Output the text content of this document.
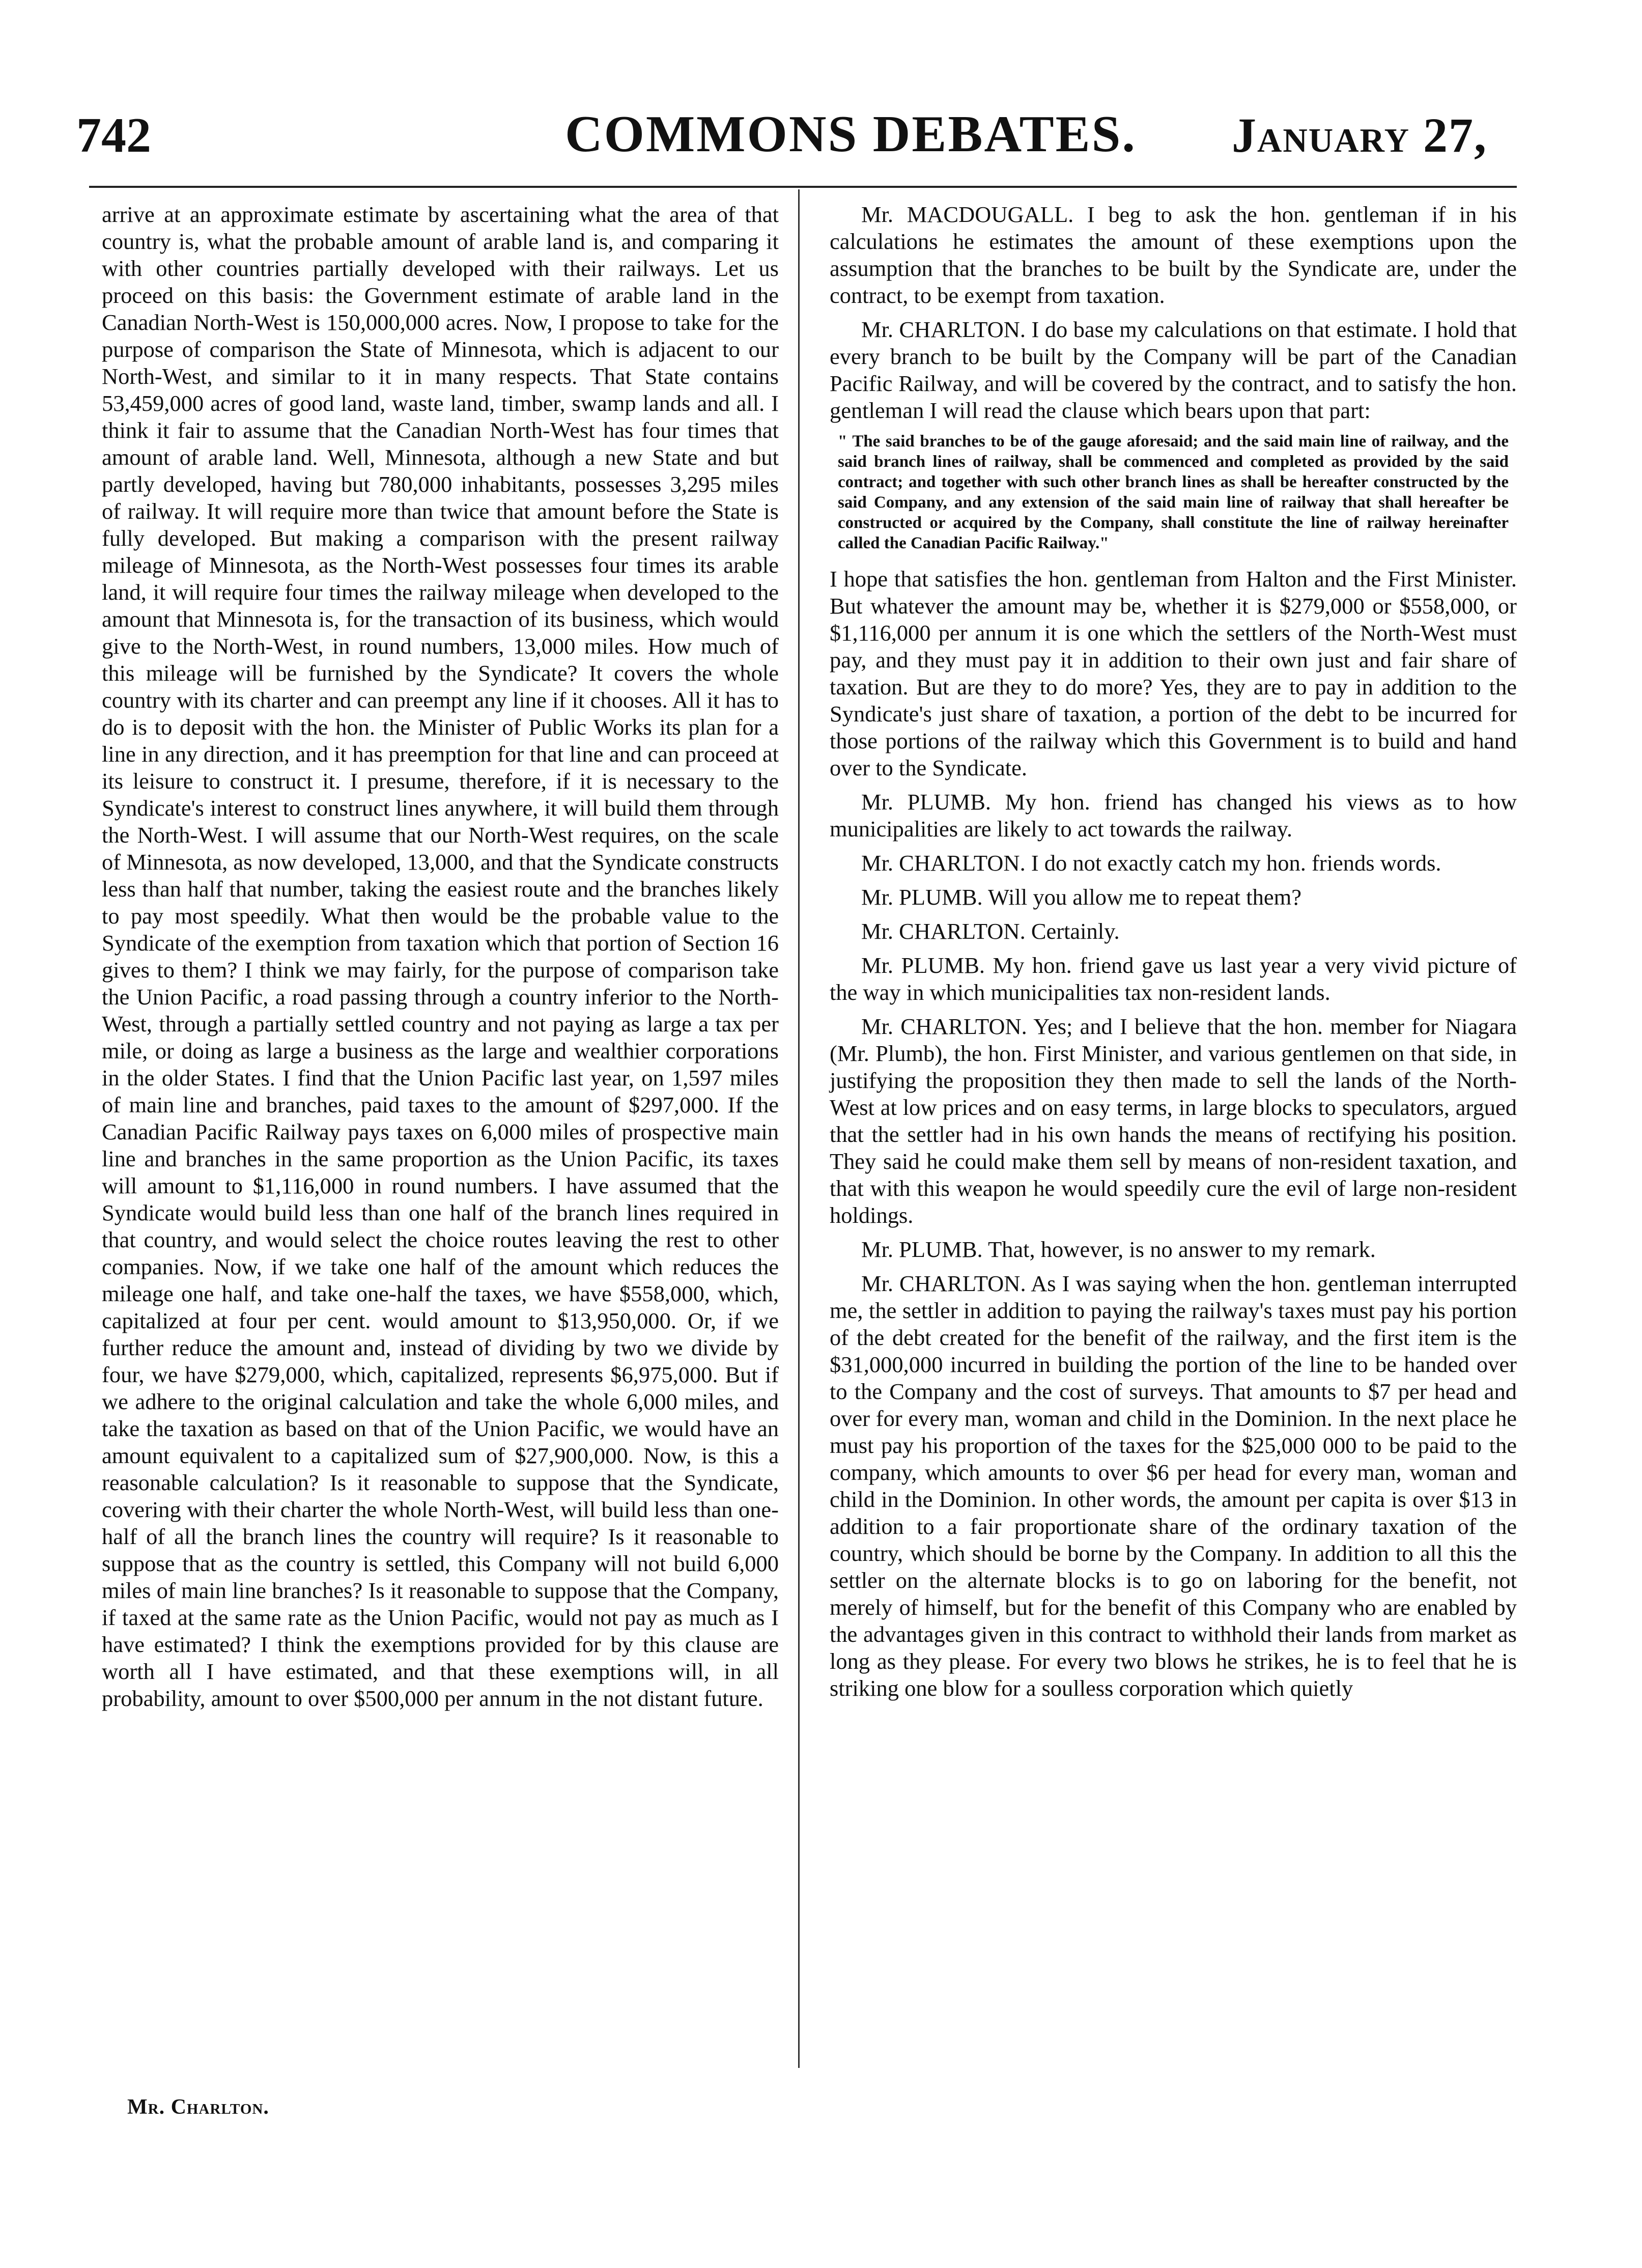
742	COMMONS DEBATES. January 27,

arrive at an approximate estimate by ascertaining what the area of that country is, what the probable amount of arable land is, and comparing it with other countries partially developed with their railways. Let us proceed on this basis: the Government estimate of arable land in the Canadian North-West is 150,000,000 acres. Now, I propose to take for the purpose of comparison the State of Minnesota, which is adjacent to our North-West, and similar to it in many respects. That State contains 53,459,000 acres of good land, waste land, timber, swamp lands and all. I think it fair to assume that the Canadian North-West has four times that amount of arable land. Well, Minnesota, although a new State and but partly developed, having but 780,000 inhabitants, possesses 3,295 miles of railway. It will require more than twice that amount before the State is fully developed. But making a comparison with the present railway mileage of Minnesota, as the North-West possesses four times its arable land, it will require four times the railway mileage when developed to the amount that Minnesota is, for the transaction of its business, which would give to the North-West, in round numbers, 13,000 miles. How much of this mileage will be furnished by the Syndicate? It covers the whole country with its charter and can preempt any line if it chooses. All it has to do is to deposit with the hon. the Minister of Public Works its plan for a line in any direction, and it has preemption for that line and can proceed at its leisure to construct it. I presume, therefore, if it is necessary to the Syndicate's interest to construct lines anywhere, it will build them through the North-West. I will assume that our North-West requires, on the scale of Minnesota, as now developed, 13,000, and that the Syndicate constructs less than half that number, taking the easiest route and the branches likely to pay most speedily. What then would be the probable value to the Syndicate of the exemption from taxation which that portion of Section 16 gives to them? I think we may fairly, for the purpose of comparison take the Union Pacific, a road passing through a country inferior to the North-West, through a partially settled country and not paying as large a tax per mile, or doing as large a business as the large and wealthier corporations in the older States. I find that the Union Pacific last year, on 1,597 miles of main line and branches, paid taxes to the amount of $297,000. If the Canadian Pacific Railway pays taxes on 6,000 miles of prospective main line and branches in the same proportion as the Union Pacific, its taxes will amount to $1,116,000 in round numbers. I have assumed that the Syndicate would build less than one half of the branch lines required in that country, and would select the choice routes leaving the rest to other companies. Now, if we take one half of the amount which reduces the mileage one half, and take one-half the taxes, we have $558,000, which, capitalized at four per cent. would amount to $13,950,000. Or, if we further reduce the amount and, instead of dividing by two we divide by four, we have $279,000, which, capitalized, represents $6,975,000. But if we adhere to the original calculation and take the whole 6,000 miles, and take the taxation as based on that of the Union Pacific, we would have an amount equivalent to a capitalized sum of $27,900,000. Now, is this a reasonable calculation? Is it reasonable to suppose that the Syndicate, covering with their charter the whole North-West, will build less than one-half of all the branch lines the country will require? Is it reasonable to suppose that as the country is settled, this Company will not build 6,000 miles of main line branches? Is it reasonable to suppose that the Company, if taxed at the same rate as the Union Pacific, would not pay as much as I have estimated? I think the exemptions provided for by this clause are worth all I have estimated, and that these exemptions will, in all probability, amount to over $500,000 per annum in the not distant future.

Mr. Charlton.

Mr. MACDOUGALL. I beg to ask the hon. gentleman if in his calculations he estimates the amount of these exemptions upon the assumption that the branches to be built by the Syndicate are, under the contract, to be exempt from taxation.

Mr. CHARLTON. I do base my calculations on that estimate. I hold that every branch to be built by the Company will be part of the Canadian Pacific Railway, and will be covered by the contract, and to satisfy the hon. gentleman I will read the clause which bears upon that part:

" The said branches to be of the gauge aforesaid; and the said main line of railway, and the said branch lines of railway, shall be commenced and completed as provided by the said contract; and together with such other branch lines as shall be hereafter constructed by the said Company, and any extension of the said main line of railway that shall hereafter be constructed or acquired by the Company, shall constitute the line of railway hereinafter called the Canadian Pacific Railway."

I hope that satisfies the hon. gentleman from Halton and the First Minister. But whatever the amount may be, whether it is $279,000 or $558,000, or $1,116,000 per annum it is one which the settlers of the North-West must pay, and they must pay it in addition to their own just and fair share of taxation. But are they to do more? Yes, they are to pay in addition to the Syndicate's just share of taxation, a portion of the debt to be incurred for those portions of the railway which this Government is to build and hand over to the Syndicate.

Mr. PLUMB. My hon. friend has changed his views as to how municipalities are likely to act towards the railway.

Mr. CHARLTON. I do not exactly catch my hon. friends words.

Mr. PLUMB. Will you allow me to repeat them?

Mr. CHARLTON. Certainly.

Mr. PLUMB. My hon. friend gave us last year a very vivid picture of the way in which municipalities tax non-resident lands.

Mr. CHARLTON. Yes; and I believe that the hon. member for Niagara (Mr. Plumb), the hon. First Minister, and various gentlemen on that side, in justifying the proposition they then made to sell the lands of the North-West at low prices and on easy terms, in large blocks to speculators, argued that the settler had in his own hands the means of rectifying his position. They said he could make them sell by means of non-resident taxation, and that with this weapon he would speedily cure the evil of large non-resident holdings.

Mr. PLUMB. That, however, is no answer to my remark.

Mr. CHARLTON. As I was saying when the hon. gentleman interrupted me, the settler in addition to paying the railway's taxes must pay his portion of the debt created for the benefit of the railway, and the first item is the $31,000,000 incurred in building the portion of the line to be handed over to the Company and the cost of surveys. That amounts to $7 per head and over for every man, woman and child in the Dominion. In the next place he must pay his proportion of the taxes for the $25,000 000 to be paid to the company, which amounts to over $6 per head for every man, woman and child in the Dominion. In other words, the amount per capita is over $13 in addition to a fair proportionate share of the ordinary taxation of the country, which should be borne by the Company. In addition to all this the settler on the alternate blocks is to go on laboring for the benefit, not merely of himself, but for the benefit of this Company who are enabled by the advantages given in this contract to withhold their lands from market as long as they please. For every two blows he strikes, he is to feel that he is striking one blow for a soulless corporation which quietly
